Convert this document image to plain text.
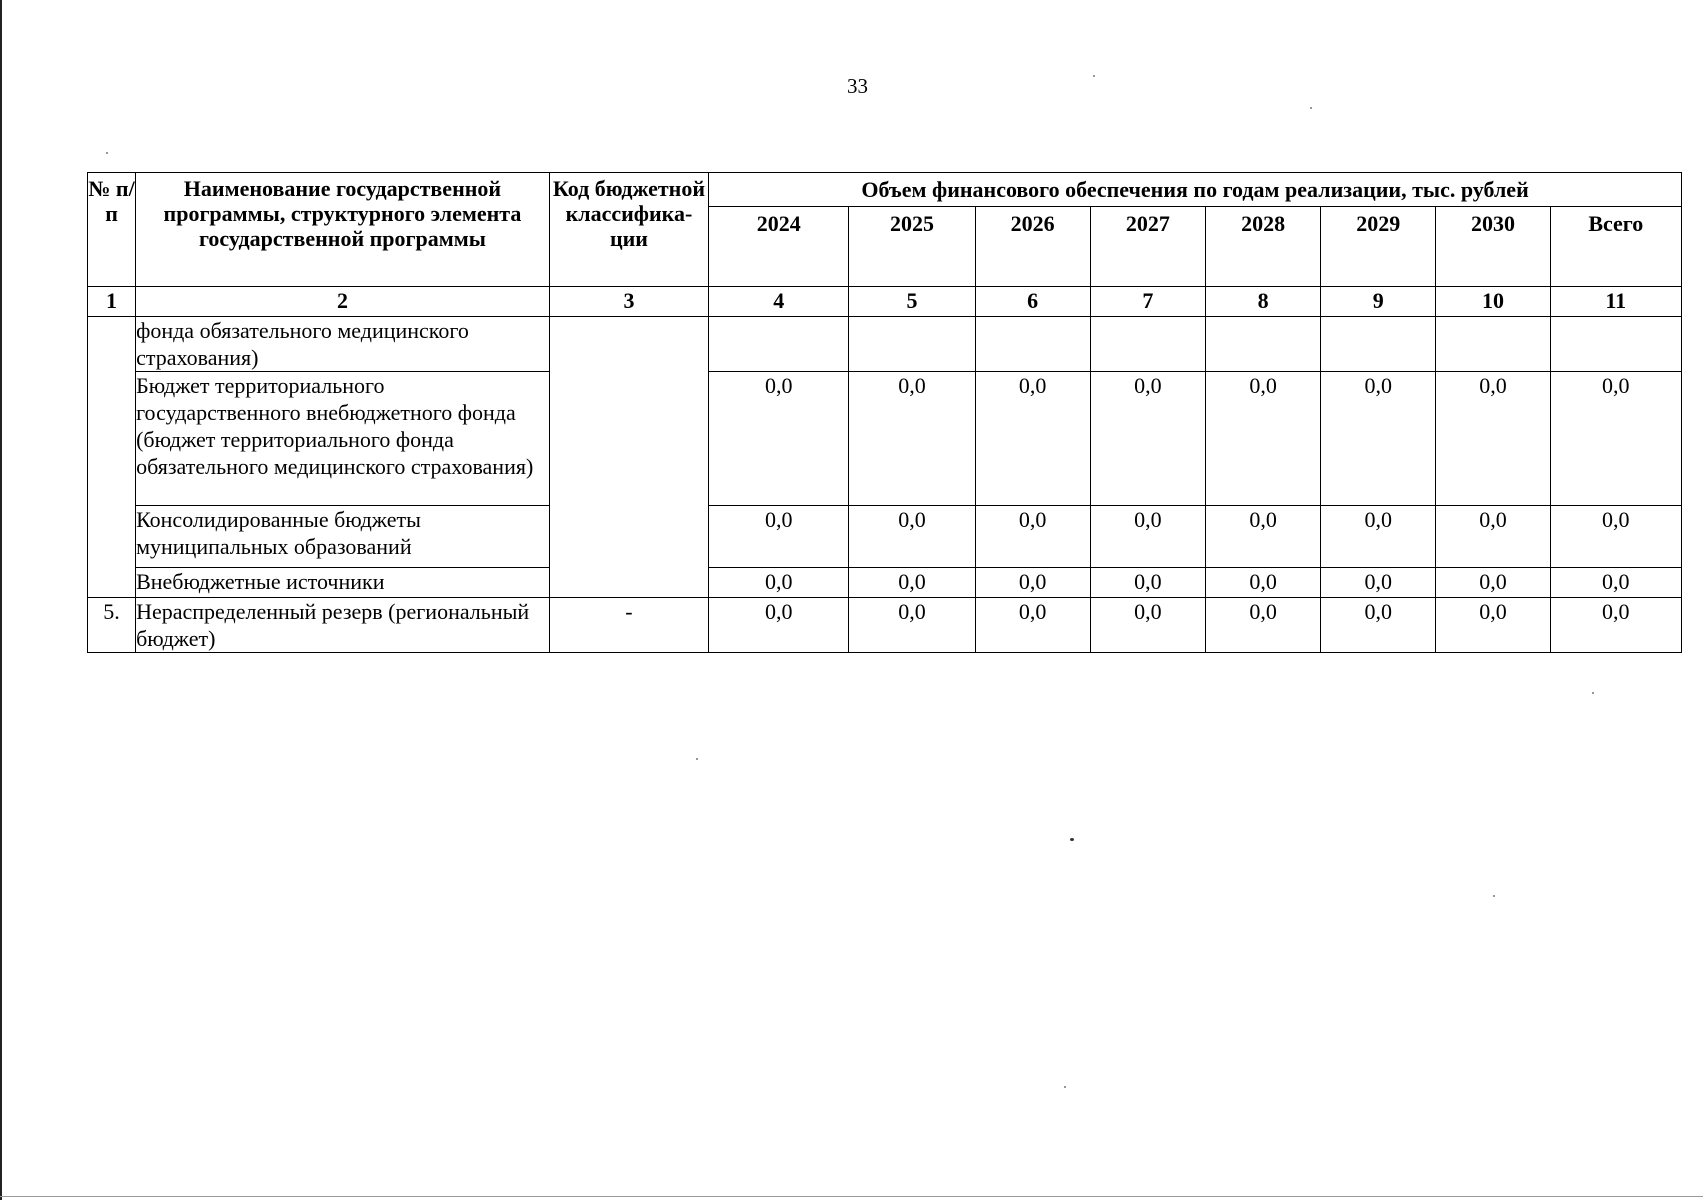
33
№ п/п	Наименование государственной программы, структурного элемента государственной программы	Код бюджетной классифика-ции	Объем финансового обеспечения по годам реализации, тыс. рублей							
			2024	2025	2026	2027	2028	2029	2030	Всего
1	2	3	4	5	6	7	8	9	10	11
	фонда обязательного медицинского страхования)									
	Бюджет территориального государственного внебюджетного фонда (бюджет территориального фонда обязательного медицинского страхования)		0,0	0,0	0,0	0,0	0,0	0,0	0,0	0,0
	Консолидированные бюджеты муниципальных образований		0,0	0,0	0,0	0,0	0,0	0,0	0,0	0,0
	Внебюджетные источники		0,0	0,0	0,0	0,0	0,0	0,0	0,0	0,0
5.	Нераспределенный резерв (региональный бюджет)	-	0,0	0,0	0,0	0,0	0,0	0,0	0,0	0,0
